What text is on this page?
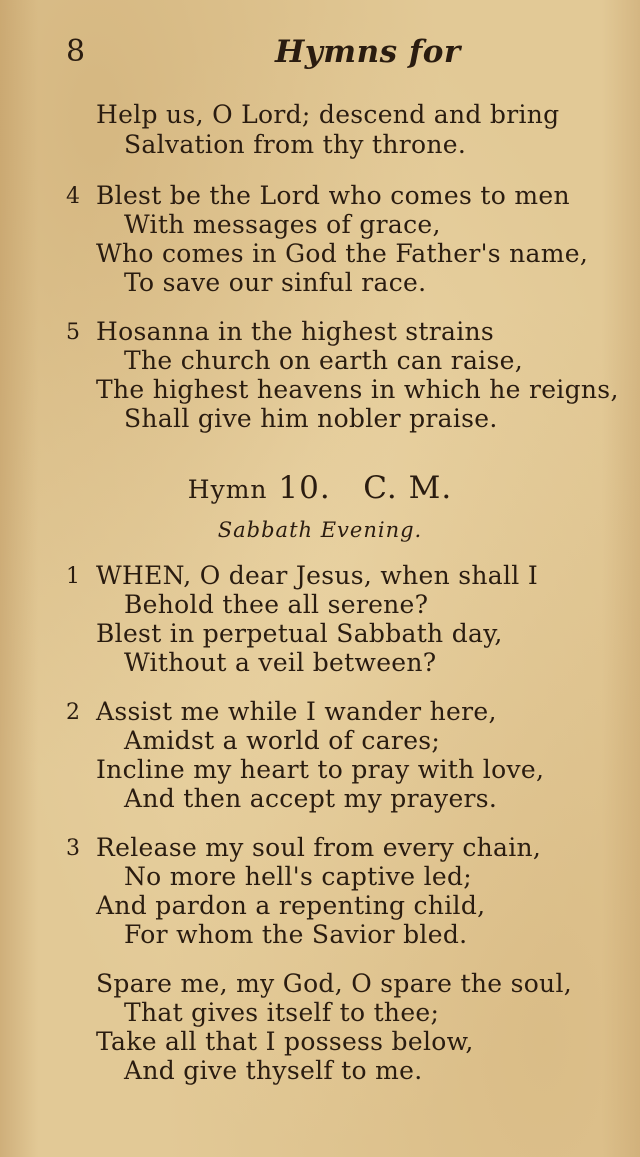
8	Hymns for
Help us, O Lord; descend and bring
Salvation from thy throne.
4 Blest be the Lord who comes to men
With messages of grace,
Who comes in God the Father's name,
To save our sinful race.
5 Hosanna in the highest strains
The church on earth can raise,
The highest heavens in which he reigns,
Shall give him nobler praise.
Hymn 10. C. M.
Sabbath Evening.
1 WHEN, O dear Jesus, when shall I
Behold thee all serene?
Blest in perpetual Sabbath day,
Without a veil between?
2 Assist me while I wander here,
Amidst a world of cares;
Incline my heart to pray with love,
And then accept my prayers.
3 Release my soul from every chain,
No more hell's captive led;
And pardon a repenting child,
For whom the Savior bled.
Spare me, my God, O spare the soul,
That gives itself to thee;
Take all that I possess below,
And give thyself to me.
